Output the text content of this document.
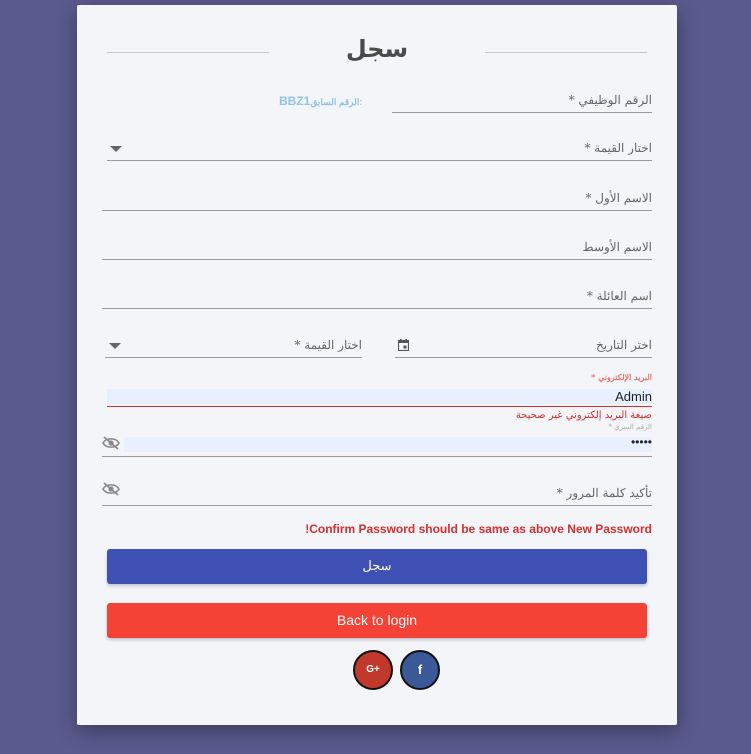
سجل
الرقم الوظيفي *
BBZ1الرقم السابق:
اختار القيمة *
الاسم الأول *
الاسم الأوسط
اسم العائلة *
اختر التاريخ
اختار القيمة *
البريد الإلكتروني *
Admin
صيغة البريد إلكتروني غير صحيحة
الرقم السري *
•••••
تأكيد كلمة المرور *
!Confirm Password should be same as above New Password
سجل
Back to login
G+	f
